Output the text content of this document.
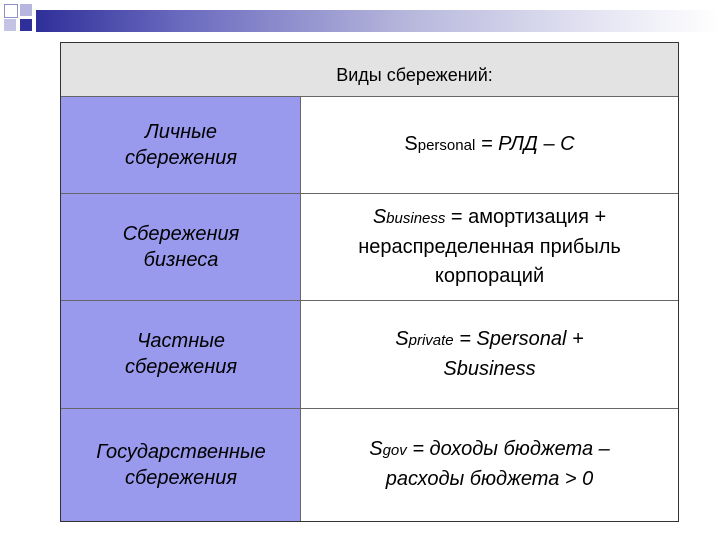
Виды сбережений:
Личные
сбережения
Spersonal = РЛД – С
Сбережения
бизнеса
Sbusiness = амортизация +
нераспределенная прибыль
корпораций
Частные
сбережения
Sprivate = Spersonal +
Sbusiness
Государственные
сбережения
Sgov = доходы бюджета –
расходы бюджета > 0
